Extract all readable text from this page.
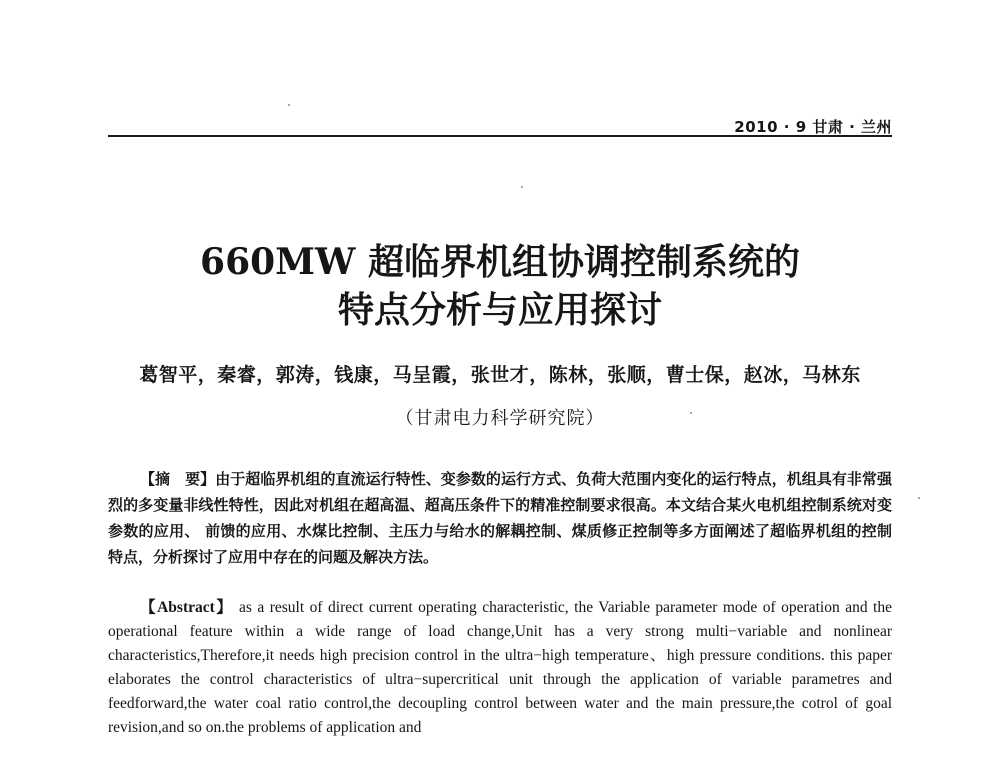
2010 · 9 甘肃 · 兰州

660MW 超临界机组协调控制系统的
特点分析与应用探讨

葛智平，秦睿，郭涛，钱康，马呈霞，张世才，陈林，张顺，曹士保，赵冰，马林东

（甘肃电力科学研究院）

【摘　要】由于超临界机组的直流运行特性、变参数的运行方式、负荷大范围内变化的运行特点，机组具有非常强烈的多变量非线性特性，因此对机组在超高温、超高压条件下的精准控制要求很高。本文结合某火电机组控制系统对变参数的应用、 前馈的应用、水煤比控制、主压力与给水的解耦控制、煤质修正控制等多方面阐述了超临界机组的控制特点，分析探讨了应用中存在的问题及解决方法。

【Abstract】 as a result of direct current operating characteristic, the Variable parameter mode of operation and the operational feature within a wide range of load change,Unit has a very strong multi−variable and nonlinear characteristics,Therefore,it needs high precision control in the ultra−high temperature、high pressure conditions. this paper elaborates the control characteristics of ultra−supercritical unit through the application of variable parametres and feedforward,the water coal ratio control,the decoupling control between water and the main pressure,the cotrol of goal revision,and so on.the problems of application and
